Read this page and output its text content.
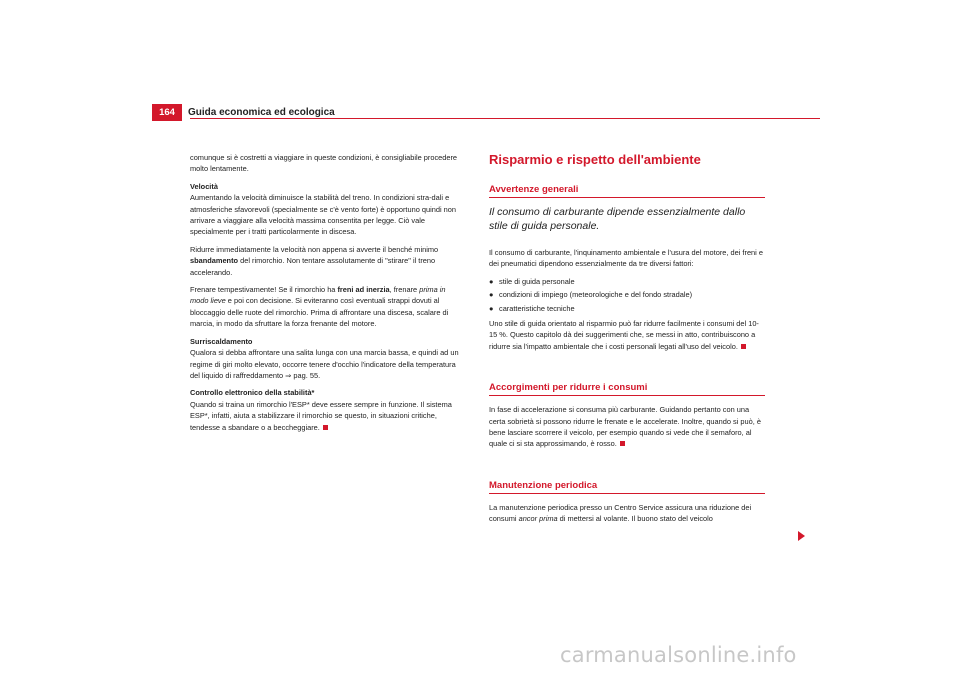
164	Guida economica ed ecologica

comunque si è costretti a viaggiare in queste condizioni, è consigliabile procedere molto lentamente.

Velocità

Aumentando la velocità diminuisce la stabilità del treno. In condizioni stra-dali e atmosferiche sfavorevoli (specialmente se c'è vento forte) è opportuno quindi non arrivare a viaggiare alla velocità massima consentita per legge. Ciò vale specialmente per i tratti particolarmente in discesa.

Ridurre immediatamente la velocità non appena si avverte il benché minimo sbandamento del rimorchio. Non tentare assolutamente di "stirare" il treno accelerando.

Frenare tempestivamente! Se il rimorchio ha freni ad inerzia, frenare prima in modo lieve e poi con decisione. Si eviteranno così eventuali strappi dovuti al bloccaggio delle ruote del rimorchio. Prima di affrontare una discesa, scalare di marcia, in modo da sfruttare la forza frenante del motore.

Surriscaldamento

Qualora si debba affrontare una salita lunga con una marcia bassa, e quindi ad un regime di giri molto elevato, occorre tenere d'occhio l'indicatore della temperatura del liquido di raffreddamento ⇒ pag. 55.

Controllo elettronico della stabilità*

Quando si traina un rimorchio l'ESP* deve essere sempre in funzione. Il sistema ESP*, infatti, aiuta a stabilizzare il rimorchio se questo, in situazioni critiche, tendesse a sbandare o a beccheggiare.

Risparmio e rispetto dell'ambiente
Avvertenze generali
Il consumo di carburante dipende essenzialmente dallo stile di guida personale.

Il consumo di carburante, l'inquinamento ambientale e l'usura del motore, dei freni e dei pneumatici dipendono essenzialmente da tre diversi fattori:

● stile di guida personale
● condizioni di impiego (meteorologiche e del fondo stradale)
● caratteristiche tecniche

Uno stile di guida orientato al risparmio può far ridurre facilmente i consumi del 10-15 %. Questo capitolo dà dei suggerimenti che, se messi in atto, contribuiscono a ridurre sia l'impatto ambientale che i costi personali legati all'uso del veicolo.

Accorgimenti per ridurre i consumi

In fase di accelerazione si consuma più carburante. Guidando pertanto con una certa sobrietà si possono ridurre le frenate e le accelerate. Inoltre, quando si può, è bene lasciare scorrere il veicolo, per esempio quando si vede che il semaforo, al quale ci si sta approssimando, è rosso.

Manutenzione periodica

La manutenzione periodica presso un Centro Service assicura una riduzione dei consumi ancor prima di mettersi al volante. Il buono stato del veicolo

carmanualsonline.info
